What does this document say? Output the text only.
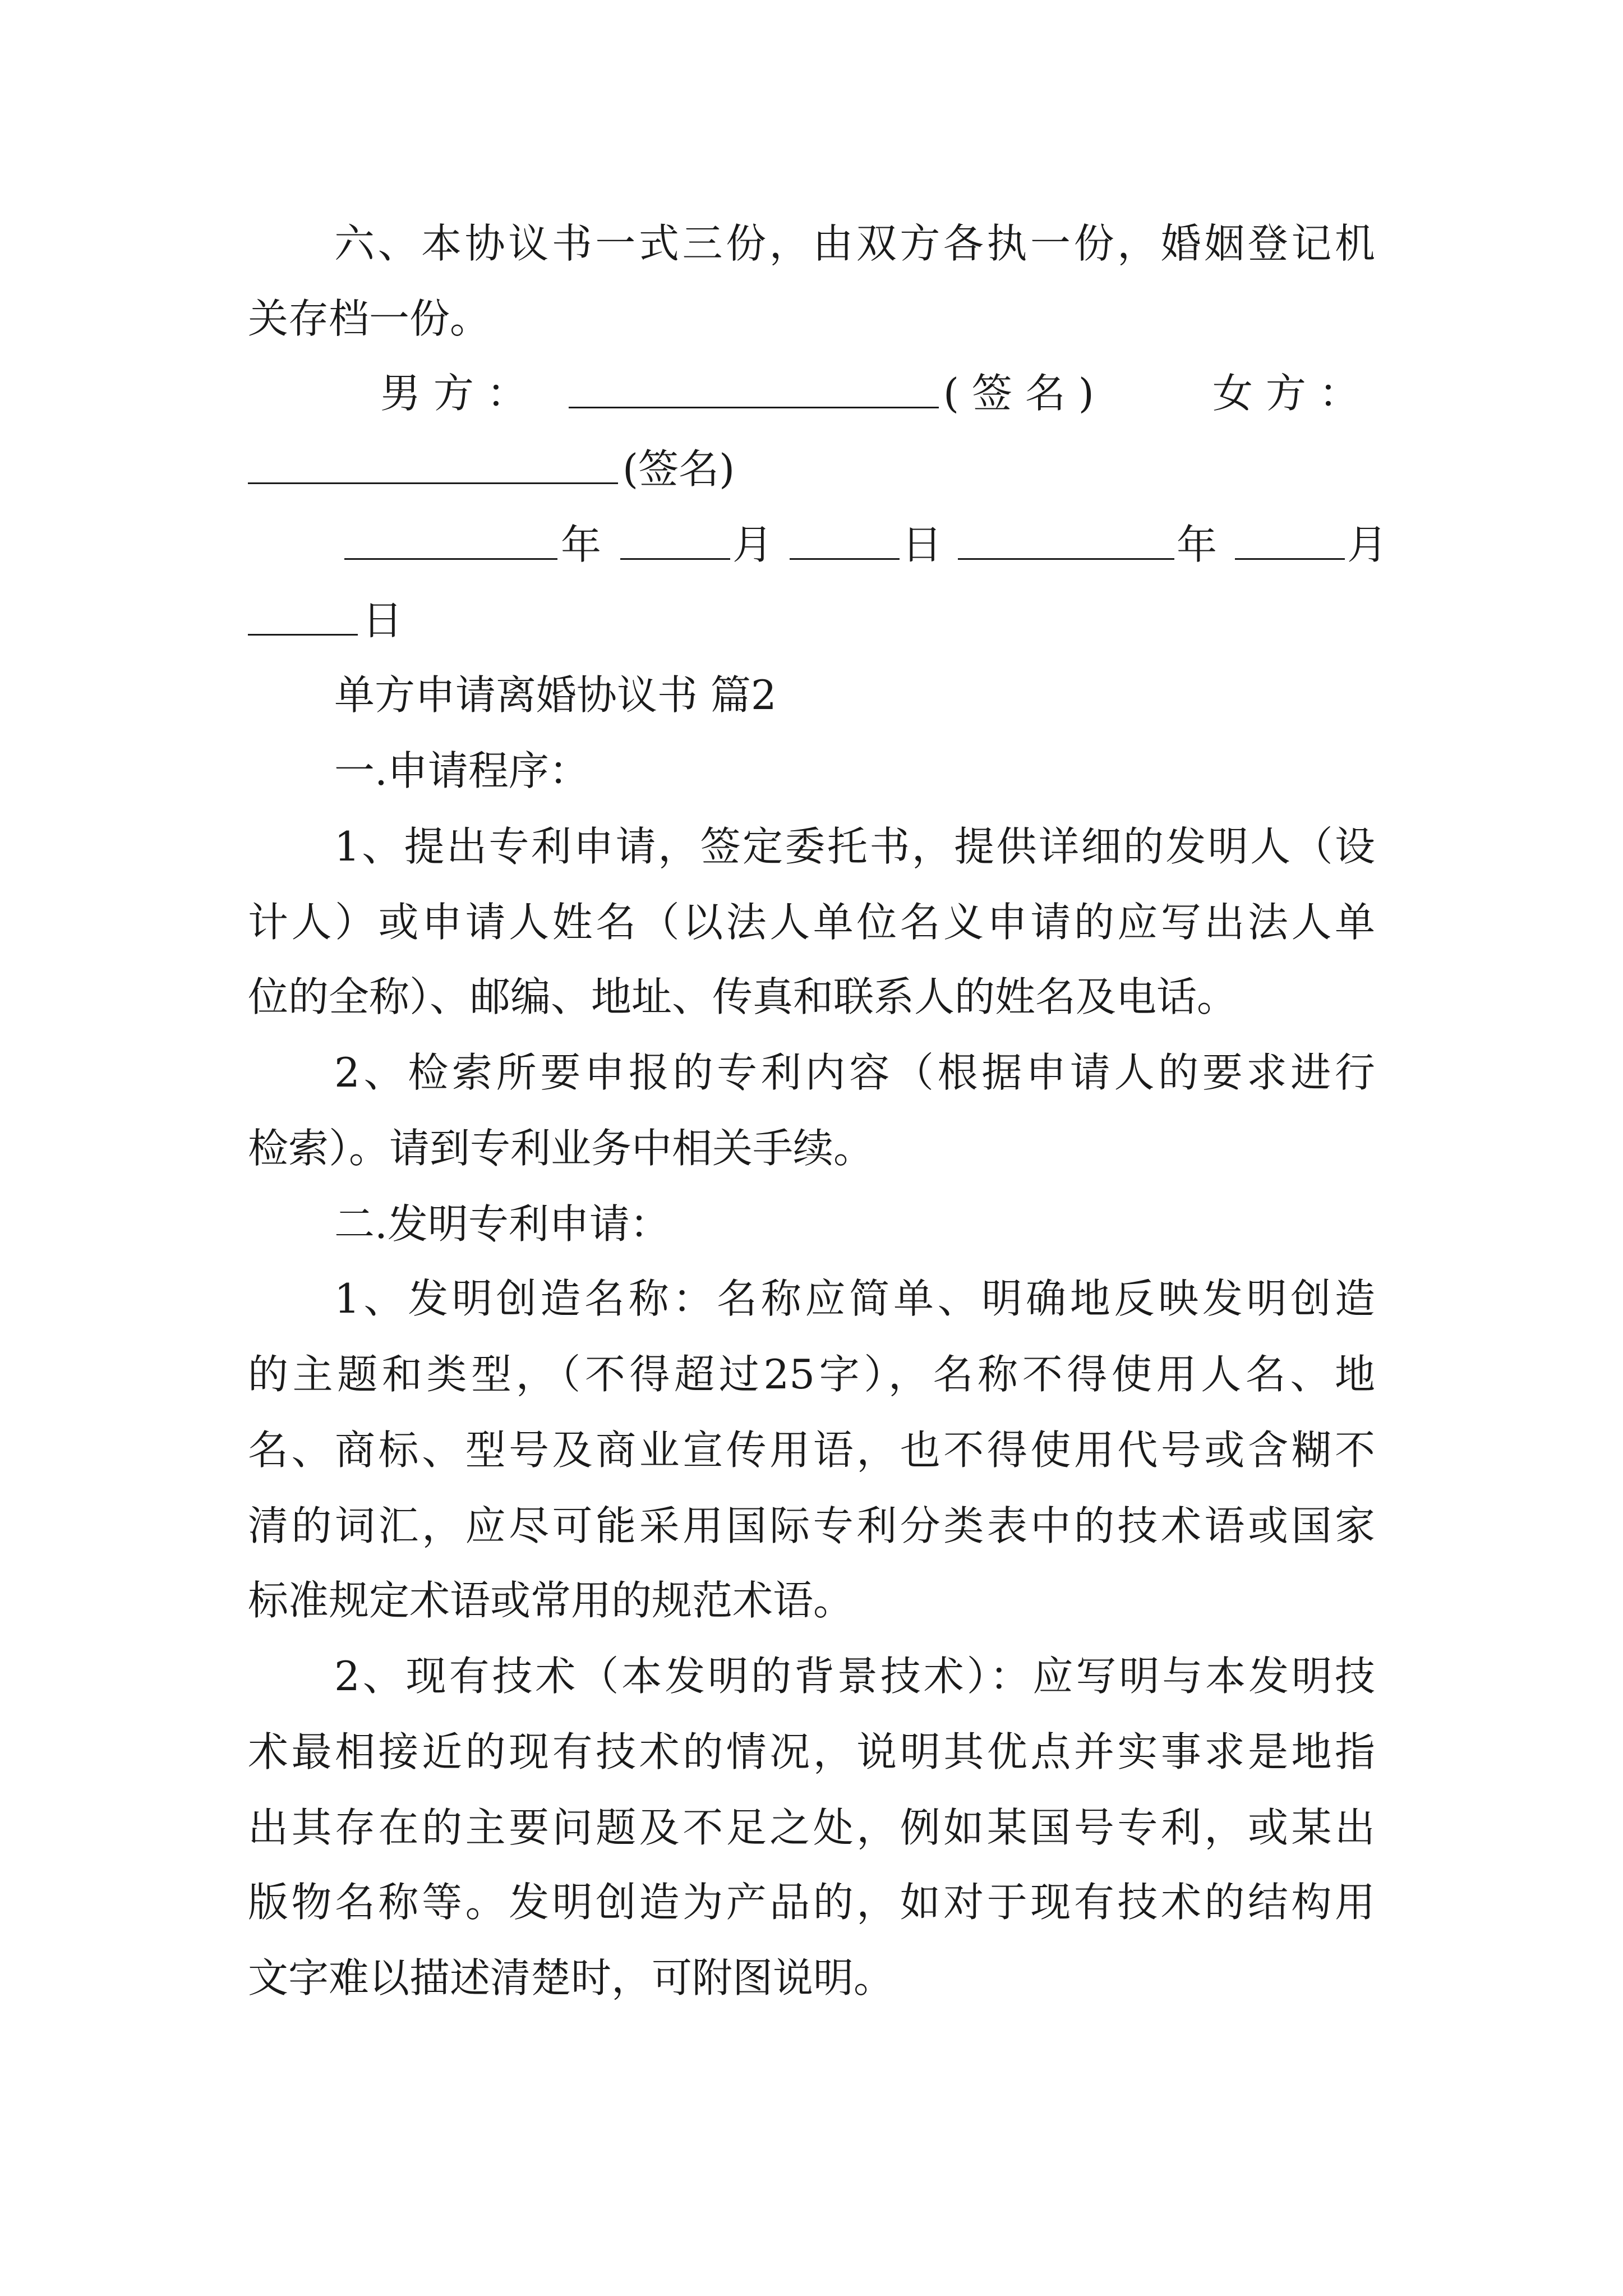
六、本协议书一式三份，由双方各执一份，婚姻登记机
关存档一份。
男 方 ：	( 签 名 )	女 方 ：
(签名)
年	月	日	年	月
日
单方申请离婚协议书 篇2
一.申请程序：
1、提出专利申请，签定委托书，提供详细的发明人（设
计人）或申请人姓名（以法人单位名义申请的应写出法人单
位的全称）、邮编、地址、传真和联系人的姓名及电话。
2、检索所要申报的专利内容（根据申请人的要求进行
检索）。请到专利业务中相关手续。
二.发明专利申请：
1、发明创造名称：名称应简单、明确地反映发明创造
的主题和类型，（不得超过25字），名称不得使用人名、地
名、商标、型号及商业宣传用语，也不得使用代号或含糊不
清的词汇，应尽可能采用国际专利分类表中的技术语或国家
标准规定术语或常用的规范术语。
2、现有技术（本发明的背景技术）：应写明与本发明技
术最相接近的现有技术的情况，说明其优点并实事求是地指
出其存在的主要问题及不足之处，例如某国号专利，或某出
版物名称等。发明创造为产品的，如对于现有技术的结构用
文字难以描述清楚时，可附图说明。
